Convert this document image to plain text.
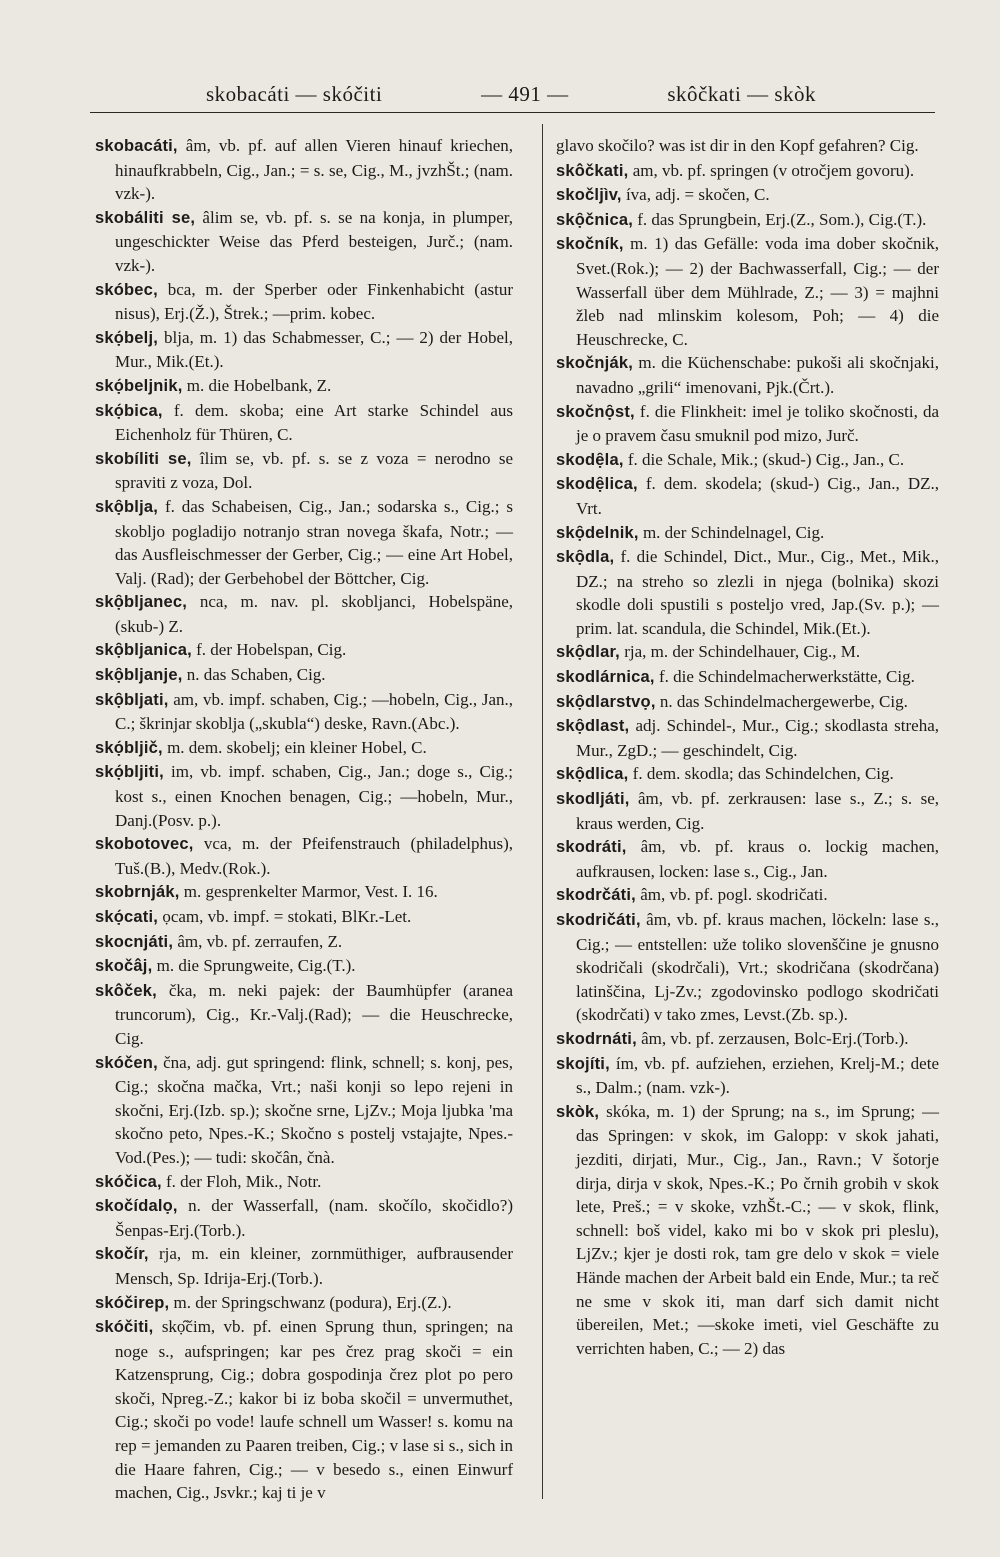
skobacáti — skóčiti	— 491 —	skôčkati — skòk

skobacáti, âm, vb. pf. auf allen Vieren hinauf kriechen, hinaufkrabbeln, Cig., Jan.; = s. se, Cig., M., jvzhŠt.; (nam. vzk-).

skobáliti se, âlim se, vb. pf. s. se na konja, in plumper, ungeschickter Weise das Pferd besteigen, Jurč.; (nam. vzk-).

skóbec, bca, m. der Sperber oder Finkenhabicht (astur nisus), Erj.(Ž.), Štrek.; —prim. kobec.

skọ́belj, blja, m. 1) das Schabmesser, C.; — 2) der Hobel, Mur., Mik.(Et.).

skọ́beljnik, m. die Hobelbank, Z.

skọ́bica, f. dem. skoba; eine Art starke Schindel aus Eichenholz für Thüren, C.

skobíliti se, îlim se, vb. pf. s. se z voza = nerodno se spraviti z voza, Dol.

skọ̑blja, f. das Schabeisen, Cig., Jan.; sodarska s., Cig.; s skobljo pogladijo notranjo stran novega škafa, Notr.; — das Ausfleischmesser der Gerber, Cig.; — eine Art Hobel, Valj. (Rad); der Gerbehobel der Böttcher, Cig.

skọ̑bljanec, nca, m. nav. pl. skobljanci, Hobelspäne, (skub-) Z.

skọ̑bljanica, f. der Hobelspan, Cig.

skọ̑bljanje, n. das Schaben, Cig.

skọ̑bljati, am, vb. impf. schaben, Cig.; —hobeln, Cig., Jan., C.; škrinjar skoblja („skubla“) deske, Ravn.(Abc.).

skọ́bljič, m. dem. skobelj; ein kleiner Hobel, C.

skọ́bljiti, im, vb. impf. schaben, Cig., Jan.; doge s., Cig.; kost s., einen Knochen benagen, Cig.; —hobeln, Mur., Danj.(Posv. p.).

skobotovec, vca, m. der Pfeifenstrauch (philadelphus), Tuš.(B.), Medv.(Rok.).

skobrnják, m. gesprenkelter Marmor, Vest. I. 16.

skọ́cati, ọcam, vb. impf. = stokati, BlKr.-Let.

skocnjáti, âm, vb. pf. zerraufen, Z.

skočâj, m. die Sprungweite, Cig.(T.).

skôček, čka, m. neki pajek: der Baumhüpfer (aranea truncorum), Cig., Kr.-Valj.(Rad); — die Heuschrecke, Cig.

skóčen, čna, adj. gut springend: flink, schnell; s. konj, pes, Cig.; skočna mačka, Vrt.; naši konji so lepo rejeni in skočni, Erj.(Izb. sp.); skočne srne, LjZv.; Moja ljubka 'ma skočno peto, Npes.-K.; Skočno s postelj vstajajte, Npes.-Vod.(Pes.); — tudi: skočân, čnà.

skóčica, f. der Floh, Mik., Notr.

skočídalọ, n. der Wasserfall, (nam. skočílo, skočidlo?) Šenpas-Erj.(Torb.).

skočír, rja, m. ein kleiner, zornmüthiger, aufbrausender Mensch, Sp. Idrija-Erj.(Torb.).

skóčirep, m. der Springschwanz (podura), Erj.(Z.).

skóčiti, skọ̑čim, vb. pf. einen Sprung thun, springen; na noge s., aufspringen; kar pes črez prag skoči = ein Katzensprung, Cig.; dobra gospodinja črez plot po pero skoči, Npreg.-Z.; kakor bi iz boba skočil = unvermuthet, Cig.; skoči po vode! laufe schnell um Wasser! s. komu na rep = jemanden zu Paaren treiben, Cig.; v lase si s., sich in die Haare fahren, Cig.; — v besedo s., einen Einwurf machen, Cig., Jsvkr.; kaj ti je v

glavo skočilo? was ist dir in den Kopf gefahren? Cig.

skôčkati, am, vb. pf. springen (v otročjem govoru).

skočljìv, íva, adj. = skočen, C.

skọ̑čnica, f. das Sprungbein, Erj.(Z., Som.), Cig.(T.).

skočník, m. 1) das Gefälle: voda ima dober skočnik, Svet.(Rok.); — 2) der Bachwasserfall, Cig.; — der Wasserfall über dem Mühlrade, Z.; — 3) = majhni žleb nad mlinskim kolesom, Poh; — 4) die Heuschrecke, C.

skočnják, m. die Küchenschabe: pukoši ali skočnjaki, navadno „grili“ imenovani, Pjk.(Črt.).

skočnọ̑st, f. die Flinkheit: imel je toliko skočnosti, da je o pravem času smuknil pod mizo, Jurč.

skodẹ̑la, f. die Schale, Mik.; (skud-) Cig., Jan., C.

skodẹ̑lica, f. dem. skodela; (skud-) Cig., Jan., DZ., Vrt.

skọ̑delnik, m. der Schindelnagel, Cig.

skọ̑dla, f. die Schindel, Dict., Mur., Cig., Met., Mik., DZ.; na streho so zlezli in njega (bolnika) skozi skodle doli spustili s posteljo vred, Jap.(Sv. p.); — prim. lat. scandula, die Schindel, Mik.(Et.).

skọ̑dlar, rja, m. der Schindelhauer, Cig., M.

skodlárnica, f. die Schindelmacherwerkstätte, Cig.

skọ̑dlarstvọ, n. das Schindelmachergewerbe, Cig.

skọ̑dlast, adj. Schindel-, Mur., Cig.; skodlasta streha, Mur., ZgD.; — geschindelt, Cig.

skọ̑dlica, f. dem. skodla; das Schindelchen, Cig.

skodljáti, âm, vb. pf. zerkrausen: lase s., Z.; s. se, kraus werden, Cig.

skodráti, âm, vb. pf. kraus o. lockig machen, aufkrausen, locken: lase s., Cig., Jan.

skodrčáti, âm, vb. pf. pogl. skodričati.

skodričáti, âm, vb. pf. kraus machen, löckeln: lase s., Cig.; — entstellen: uže toliko slovenščine je gnusno skodričali (skodrčali), Vrt.; skodričana (skodrčana) latinščina, Lj-Zv.; zgodovinsko podlogo skodričati (skodrčati) v tako zmes, Levst.(Zb. sp.).

skodrnáti, âm, vb. pf. zerzausen, Bolc-Erj.(Torb.).

skojíti, ím, vb. pf. aufziehen, erziehen, Krelj-M.; dete s., Dalm.; (nam. vzk-).

skòk, skóka, m. 1) der Sprung; na s., im Sprung; — das Springen: v skok, im Galopp: v skok jahati, jezditi, dirjati, Mur., Cig., Jan., Ravn.; V šotorje dirja, dirja v skok, Npes.-K.; Po črnih grobih v skok lete, Preš.; = v skoke, vzhŠt.-C.; — v skok, flink, schnell: boš videl, kako mi bo v skok pri pleslu), LjZv.; kjer je dosti rok, tam gre delo v skok = viele Hände machen der Arbeit bald ein Ende, Mur.; ta reč ne sme v skok iti, man darf sich damit nicht übereilen, Met.; —skoke imeti, viel Geschäfte zu verrichten haben, C.; — 2) das
